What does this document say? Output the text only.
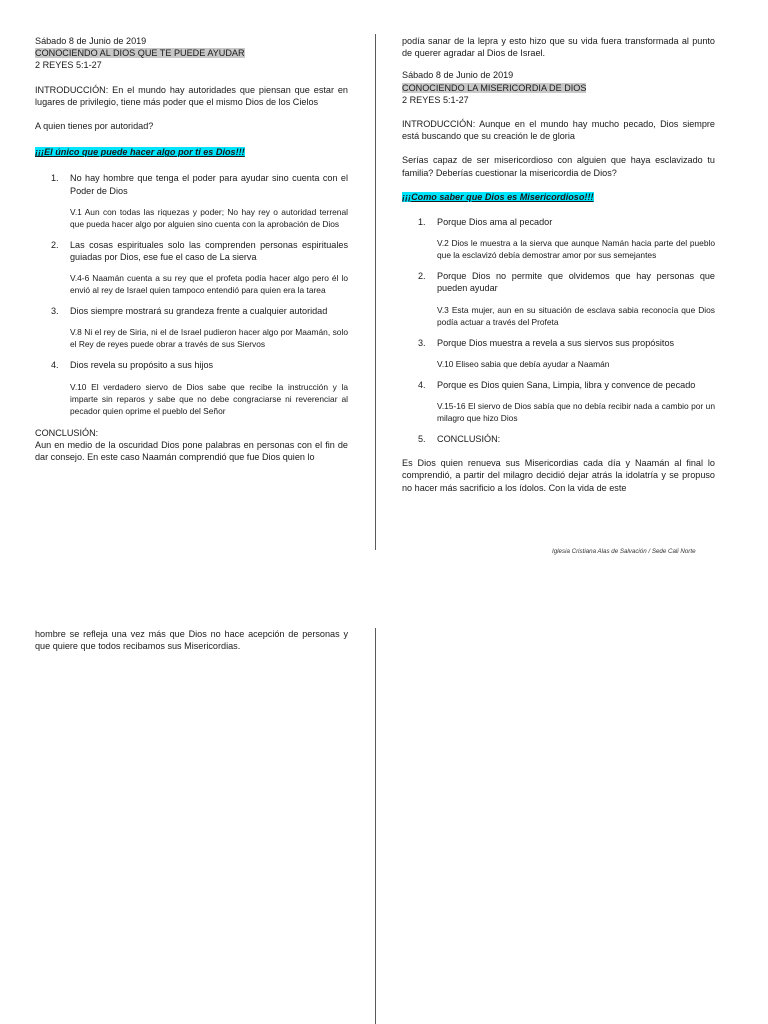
Sábado 8 de Junio de 2019

CONOCIENDO AL DIOS QUE TE PUEDE AYUDAR

2 REYES 5:1-27

INTRODUCCIÓN: En el mundo hay autoridades que piensan que estar en lugares de privilegio, tiene más poder que el mismo Dios de los Cielos

A quien tienes por autoridad?

¡¡¡El único que puede hacer algo por ti es Dios!!!

1. No hay hombre que tenga el poder para ayudar sino cuenta con el Poder de Dios

V.1 Aun con todas las riquezas y poder; No hay rey o autoridad terrenal que pueda hacer algo por alguien sino cuenta con la aprobación de Dios

2. Las cosas espirituales solo las comprenden personas espirituales guiadas por Dios, ese fue el caso de La sierva

V.4-6 Naamán cuenta a su rey que el profeta podía hacer algo pero él lo envió al rey de Israel quien tampoco entendió para quien era la tarea

3. Dios siempre mostrará su grandeza frente a cualquier autoridad

V.8 Ni el rey de Siria, ni el de Israel pudieron hacer algo por Maamán, solo el Rey de reyes puede obrar a través de sus Siervos

4. Dios revela su propósito a sus hijos

V.10 El verdadero siervo de Dios sabe que recibe la instrucción y la imparte sin reparos y sabe que no debe congraciarse ni reverenciar al pecador quien oprime el pueblo del Señor

CONCLUSIÓN:

Aun en medio de la oscuridad Dios pone palabras en personas con el fin de dar consejo. En este caso Naamán comprendió que fue Dios quien lo

podía sanar de la lepra y esto hizo que su vida fuera transformada al punto de querer agradar al Dios de Israel.

Sábado 8 de Junio de 2019

CONOCIENDO LA MISERICORDIA DE DIOS

2 REYES 5:1-27

INTRODUCCIÓN: Aunque en el mundo hay mucho pecado, Dios siempre está buscando que su creación le de gloria

Serías capaz de ser misericordioso con alguien que haya esclavizado tu familia? Deberías cuestionar la misericordia de Dios?

¡¡¡Como saber que Dios es Misericordioso!!!

1. Porque Dios ama al pecador

V.2 Dios le muestra a la sierva que aunque Namán hacia parte del pueblo que la esclavizó debía demostrar amor por sus semejantes

2. Porque Dios no permite que olvidemos que hay personas que pueden ayudar

V.3 Esta mujer, aun en su situación de esclava sabia reconocía que Dios podía actuar a través del Profeta

3. Porque Dios muestra a revela a sus siervos sus propósitos

V.10 Eliseo sabia que debía ayudar a Naamán

4. Porque es Dios quien Sana, Limpia, libra y convence de pecado

V.15-16 El siervo de Dios sabía que no debía recibir nada a cambio por un milagro que hizo Dios

5. CONCLUSIÓN:

Es Dios quien renueva sus Misericordias cada día y Naamán al final lo comprendió, a partir del milagro decidió dejar atrás la idolatría y se propuso no hacer más sacrificio a los ídolos. Con la vida de este

Iglesia Cristiana Alas de Salvación / Sede Cali Norte
hombre se refleja una vez más que Dios no hace acepción de personas y que quiere que todos recibamos sus Misericordias.
